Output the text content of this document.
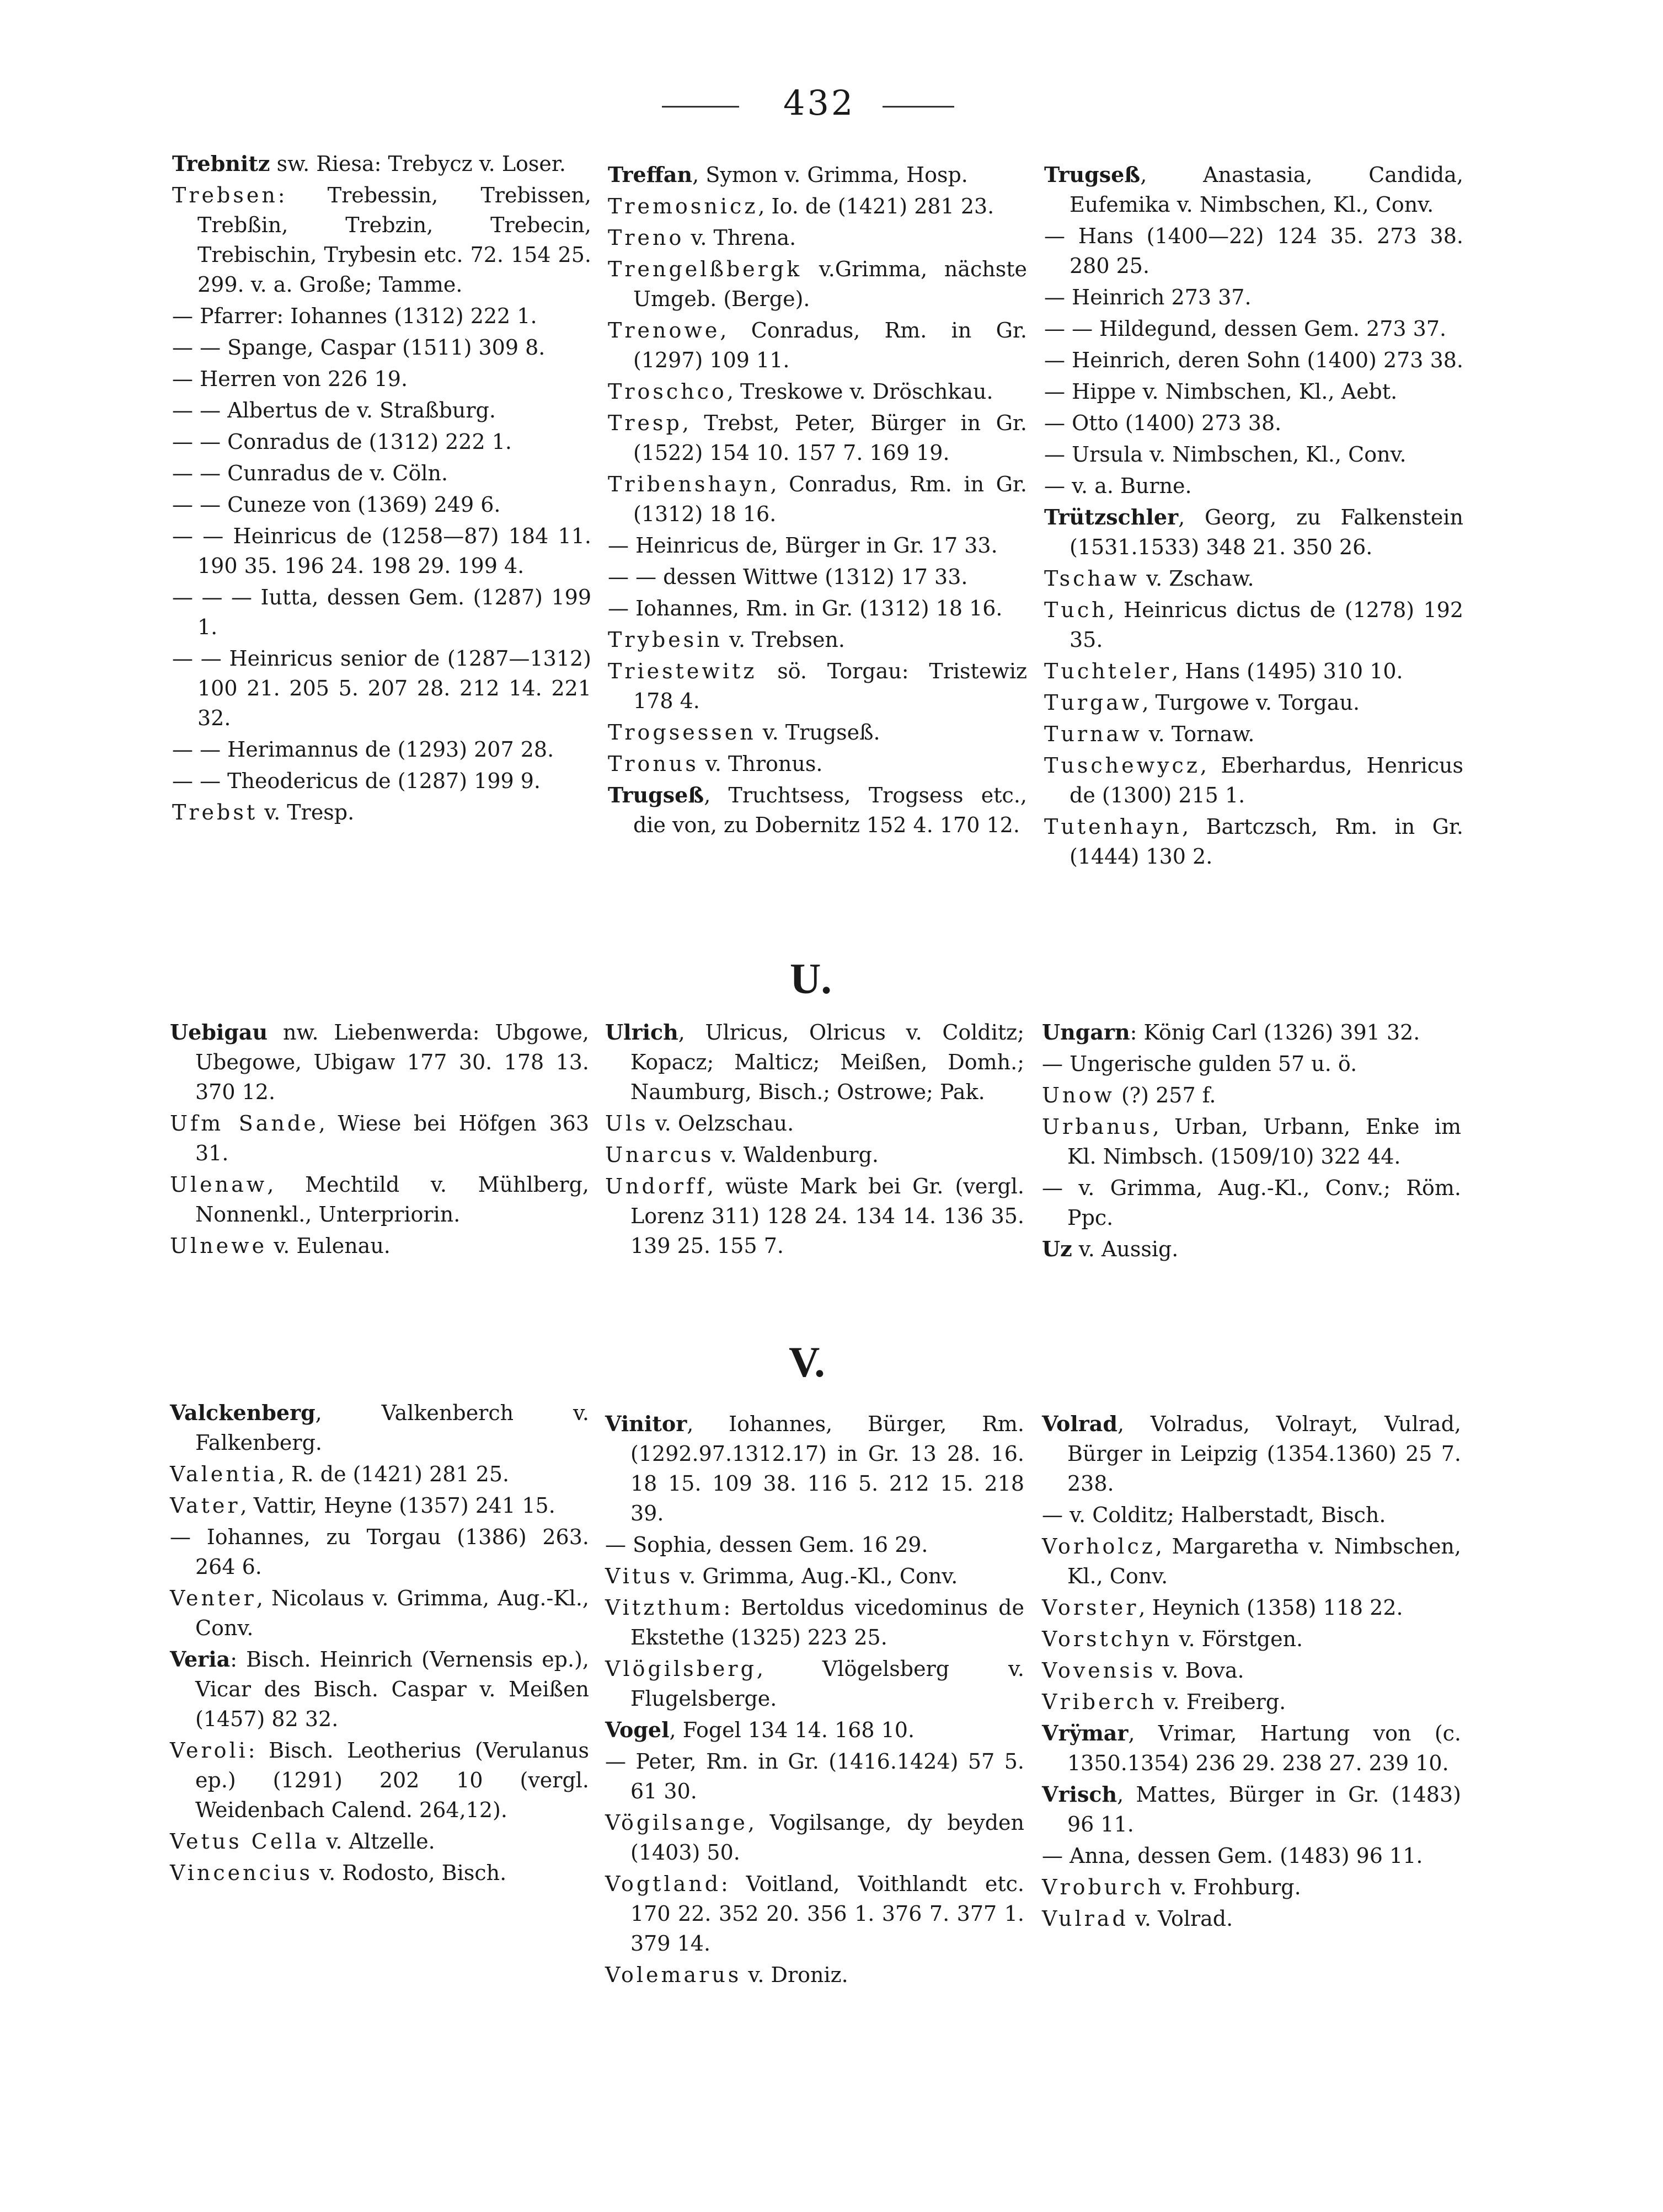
432
Trebnitz sw. Riesa: Trebycz v. Loser.
Trebsen: Trebessin, Trebissen, Trebßin, Trebzin, Trebecin, Trebischin, Trybesin etc. 72. 154 25. 299. v. a. Große; Tamme.
— Pfarrer: Iohannes (1312) 222 1.
— — Spange, Caspar (1511) 309 8.
— Herren von 226 19.
— — Albertus de v. Straßburg.
— — Conradus de (1312) 222 1.
— — Cunradus de v. Cöln.
— — Cuneze von (1369) 249 6.
— — Heinricus de (1258—87) 184 11. 190 35. 196 24. 198 29. 199 4.
— — — Iutta, dessen Gem. (1287) 199 1.
— — Heinricus senior de (1287—1312) 100 21. 205 5. 207 28. 212 14. 221 32.
— — Herimannus de (1293) 207 28.
— — Theodericus de (1287) 199 9.
Trebst v. Tresp.
Treffan, Symon v. Grimma, Hosp.
Tremosnicz, Io. de (1421) 281 23.
Treno v. Threna.
Trengelßbergk v.Grimma, nächste Umgeb. (Berge).
Trenowe, Conradus, Rm. in Gr. (1297) 109 11.
Troschco, Treskowe v. Dröschkau.
Tresp, Trebst, Peter, Bürger in Gr. (1522) 154 10. 157 7. 169 19.
Tribenshayn, Conradus, Rm. in Gr. (1312) 18 16.
— Heinricus de, Bürger in Gr. 17 33.
— — dessen Wittwe (1312) 17 33.
— Iohannes, Rm. in Gr. (1312) 18 16.
Trybesin v. Trebsen.
Triestewitz sö. Torgau: Tristewiz 178 4.
Trogsessen v. Trugseß.
Tronus v. Thronus.
Trugseß, Truchtsess, Trogsess etc., die von, zu Dobernitz 152 4. 170 12.
Trugseß, Anastasia, Candida, Eufemika v. Nimbschen, Kl., Conv.
— Hans (1400—22) 124 35. 273 38. 280 25.
— Heinrich 273 37.
— — Hildegund, dessen Gem. 273 37.
— Heinrich, deren Sohn (1400) 273 38.
— Hippe v. Nimbschen, Kl., Aebt.
— Otto (1400) 273 38.
— Ursula v. Nimbschen, Kl., Conv.
— v. a. Burne.
Trützschler, Georg, zu Falkenstein (1531.1533) 348 21. 350 26.
Tschaw v. Zschaw.
Tuch, Heinricus dictus de (1278) 192 35.
Tuchteler, Hans (1495) 310 10.
Turgaw, Turgowe v. Torgau.
Turnaw v. Tornaw.
Tuschewycz, Eberhardus, Henricus de (1300) 215 1.
Tutenhayn, Bartczsch, Rm. in Gr. (1444) 130 2.
U.
Uebigau nw. Liebenwerda: Ubgowe, Ubegowe, Ubigaw 177 30. 178 13. 370 12.
Ufm Sande, Wiese bei Höfgen 363 31.
Ulenaw, Mechtild v. Mühlberg, Nonnenkl., Unterpriorin.
Ulnewe v. Eulenau.
Ulrich, Ulricus, Olricus v. Colditz; Kopacz; Malticz; Meißen, Domh.; Naumburg, Bisch.; Ostrowe; Pak.
Uls v. Oelzschau.
Unarcus v. Waldenburg.
Undorff, wüste Mark bei Gr. (vergl. Lorenz 311) 128 24. 134 14. 136 35. 139 25. 155 7.
Ungarn: König Carl (1326) 391 32.
— Ungerische gulden 57 u. ö.
Unow (?) 257 f.
Urbanus, Urban, Urbann, Enke im Kl. Nimbsch. (1509/10) 322 44.
— v. Grimma, Aug.-Kl., Conv.; Röm. Ppc.
Uz v. Aussig.
V.
Valckenberg, Valkenberch v. Falkenberg.
Valentia, R. de (1421) 281 25.
Vater, Vattir, Heyne (1357) 241 15.
— Iohannes, zu Torgau (1386) 263. 264 6.
Venter, Nicolaus v. Grimma, Aug.-Kl., Conv.
Veria: Bisch. Heinrich (Vernensis ep.), Vicar des Bisch. Caspar v. Meißen (1457) 82 32.
Veroli: Bisch. Leotherius (Verulanus ep.) (1291) 202 10 (vergl. Weidenbach Calend. 264,12).
Vetus Cella v. Altzelle.
Vincencius v. Rodosto, Bisch.
Vinitor, Iohannes, Bürger, Rm. (1292.97.1312.17) in Gr. 13 28. 16. 18 15. 109 38. 116 5. 212 15. 218 39.
— Sophia, dessen Gem. 16 29.
Vitus v. Grimma, Aug.-Kl., Conv.
Vitzthum: Bertoldus vicedominus de Ekstethe (1325) 223 25.
Vlögilsberg, Vlögelsberg v. Flugelsberge.
Vogel, Fogel 134 14. 168 10.
— Peter, Rm. in Gr. (1416.1424) 57 5. 61 30.
Vögilsange, Vogilsange, dy beyden (1403) 50.
Vogtland: Voitland, Voithlandt etc. 170 22. 352 20. 356 1. 376 7. 377 1. 379 14.
Volemarus v. Droniz.
Volrad, Volradus, Volrayt, Vulrad, Bürger in Leipzig (1354.1360) 25 7. 238.
— v. Colditz; Halberstadt, Bisch.
Vorholcz, Margaretha v. Nimbschen, Kl., Conv.
Vorster, Heynich (1358) 118 22.
Vorstchyn v. Förstgen.
Vovensis v. Bova.
Vriberch v. Freiberg.
Vrÿmar, Vrimar, Hartung von (c. 1350.1354) 236 29. 238 27. 239 10.
Vrisch, Mattes, Bürger in Gr. (1483) 96 11.
— Anna, dessen Gem. (1483) 96 11.
Vroburch v. Frohburg.
Vulrad v. Volrad.
